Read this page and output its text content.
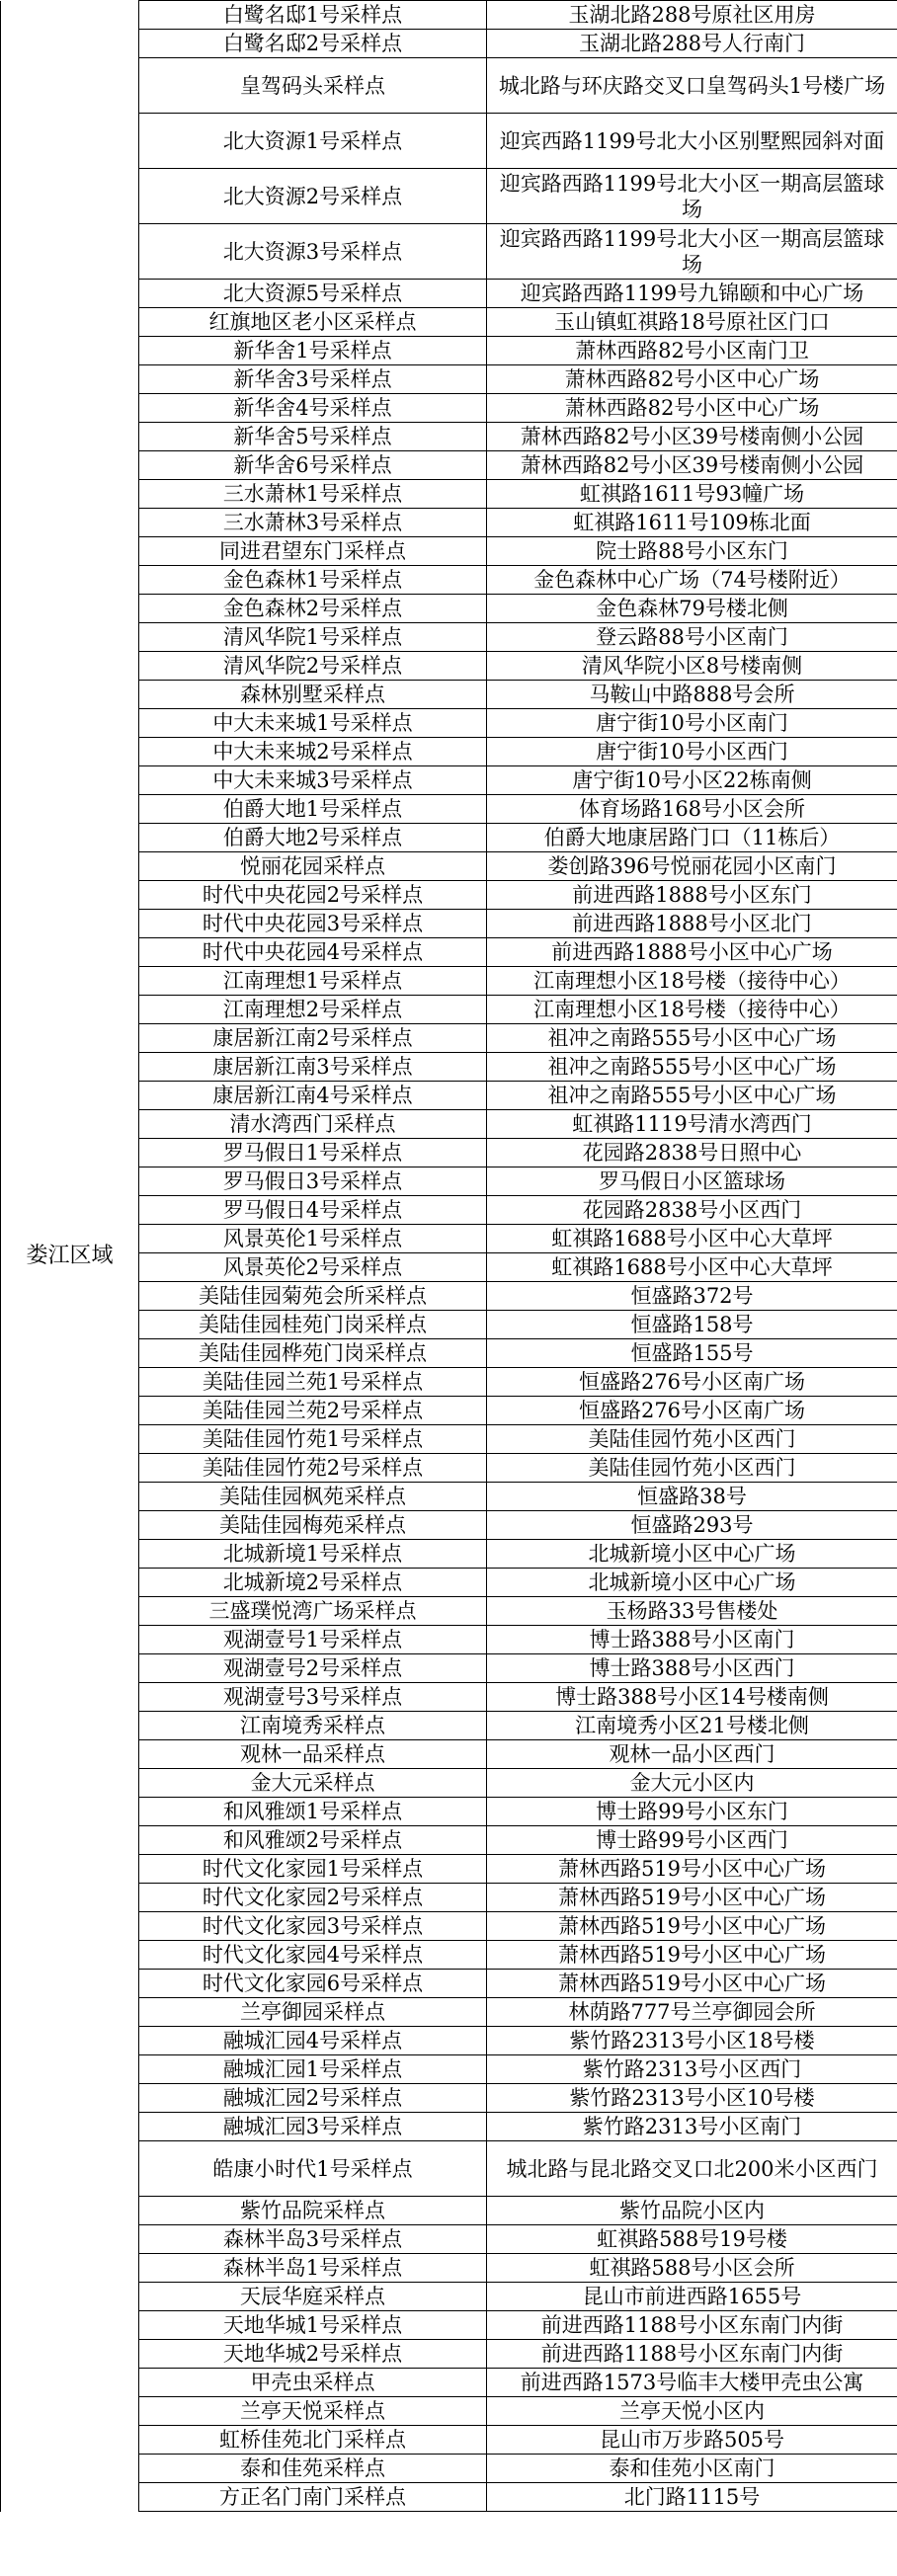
娄江区域	白鹭名邸1号采样点	玉湖北路288号原社区用房
	白鹭名邸2号采样点	玉湖北路288号人行南门
	皇驾码头采样点	城北路与环庆路交叉口皇驾码头1号楼广场
	北大资源1号采样点	迎宾西路1199号北大小区别墅熙园斜对面
	北大资源2号采样点	迎宾路西路1199号北大小区一期高层篮球场
	北大资源3号采样点	迎宾路西路1199号北大小区一期高层篮球场
	北大资源5号采样点	迎宾路西路1199号九锦颐和中心广场
	红旗地区老小区采样点	玉山镇虹祺路18号原社区门口
	新华舍1号采样点	萧林西路82号小区南门卫
	新华舍3号采样点	萧林西路82号小区中心广场
	新华舍4号采样点	萧林西路82号小区中心广场
	新华舍5号采样点	萧林西路82号小区39号楼南侧小公园
	新华舍6号采样点	萧林西路82号小区39号楼南侧小公园
	三水萧林1号采样点	虹祺路1611号93幢广场
	三水萧林3号采样点	虹祺路1611号109栋北面
	同进君望东门采样点	院士路88号小区东门
	金色森林1号采样点	金色森林中心广场（74号楼附近）
	金色森林2号采样点	金色森林79号楼北侧
	清风华院1号采样点	登云路88号小区南门
	清风华院2号采样点	清风华院小区8号楼南侧
	森林别墅采样点	马鞍山中路888号会所
	中大未来城1号采样点	唐宁街10号小区南门
	中大未来城2号采样点	唐宁街10号小区西门
	中大未来城3号采样点	唐宁街10号小区22栋南侧
	伯爵大地1号采样点	体育场路168号小区会所
	伯爵大地2号采样点	伯爵大地康居路门口（11栋后）
	悦丽花园采样点	娄创路396号悦丽花园小区南门
	时代中央花园2号采样点	前进西路1888号小区东门
	时代中央花园3号采样点	前进西路1888号小区北门
	时代中央花园4号采样点	前进西路1888号小区中心广场
	江南理想1号采样点	江南理想小区18号楼（接待中心）
	江南理想2号采样点	江南理想小区18号楼（接待中心）
	康居新江南2号采样点	祖冲之南路555号小区中心广场
	康居新江南3号采样点	祖冲之南路555号小区中心广场
	康居新江南4号采样点	祖冲之南路555号小区中心广场
	清水湾西门采样点	虹祺路1119号清水湾西门
	罗马假日1号采样点	花园路2838号日照中心
	罗马假日3号采样点	罗马假日小区篮球场
	罗马假日4号采样点	花园路2838号小区西门
	风景英伦1号采样点	虹祺路1688号小区中心大草坪
	风景英伦2号采样点	虹祺路1688号小区中心大草坪
	美陆佳园菊苑会所采样点	恒盛路372号
	美陆佳园桂苑门岗采样点	恒盛路158号
	美陆佳园桦苑门岗采样点	恒盛路155号
	美陆佳园兰苑1号采样点	恒盛路276号小区南广场
	美陆佳园兰苑2号采样点	恒盛路276号小区南广场
	美陆佳园竹苑1号采样点	美陆佳园竹苑小区西门
	美陆佳园竹苑2号采样点	美陆佳园竹苑小区西门
	美陆佳园枫苑采样点	恒盛路38号
	美陆佳园梅苑采样点	恒盛路293号
	北城新境1号采样点	北城新境小区中心广场
	北城新境2号采样点	北城新境小区中心广场
	三盛璞悦湾广场采样点	玉杨路33号售楼处
	观湖壹号1号采样点	博士路388号小区南门
	观湖壹号2号采样点	博士路388号小区西门
	观湖壹号3号采样点	博士路388号小区14号楼南侧
	江南境秀采样点	江南境秀小区21号楼北侧
	观林一品采样点	观林一品小区西门
	金大元采样点	金大元小区内
	和风雅颂1号采样点	博士路99号小区东门
	和风雅颂2号采样点	博士路99号小区西门
	时代文化家园1号采样点	萧林西路519号小区中心广场
	时代文化家园2号采样点	萧林西路519号小区中心广场
	时代文化家园3号采样点	萧林西路519号小区中心广场
	时代文化家园4号采样点	萧林西路519号小区中心广场
	时代文化家园6号采样点	萧林西路519号小区中心广场
	兰亭御园采样点	林荫路777号兰亭御园会所
	融城汇园4号采样点	紫竹路2313号小区18号楼
	融城汇园1号采样点	紫竹路2313号小区西门
	融城汇园2号采样点	紫竹路2313号小区10号楼
	融城汇园3号采样点	紫竹路2313号小区南门
	皓康小时代1号采样点	城北路与昆北路交叉口北200米小区西门
	紫竹品院采样点	紫竹品院小区内
	森林半岛3号采样点	虹祺路588号19号楼
	森林半岛1号采样点	虹祺路588号小区会所
	天辰华庭采样点	昆山市前进西路1655号
	天地华城1号采样点	前进西路1188号小区东南门内街
	天地华城2号采样点	前进西路1188号小区东南门内街
	甲壳虫采样点	前进西路1573号临丰大楼甲壳虫公寓
	兰亭天悦采样点	兰亭天悦小区内
	虹桥佳苑北门采样点	昆山市万步路505号
	泰和佳苑采样点	泰和佳苑小区南门
	方正名门南门采样点	北门路1115号
